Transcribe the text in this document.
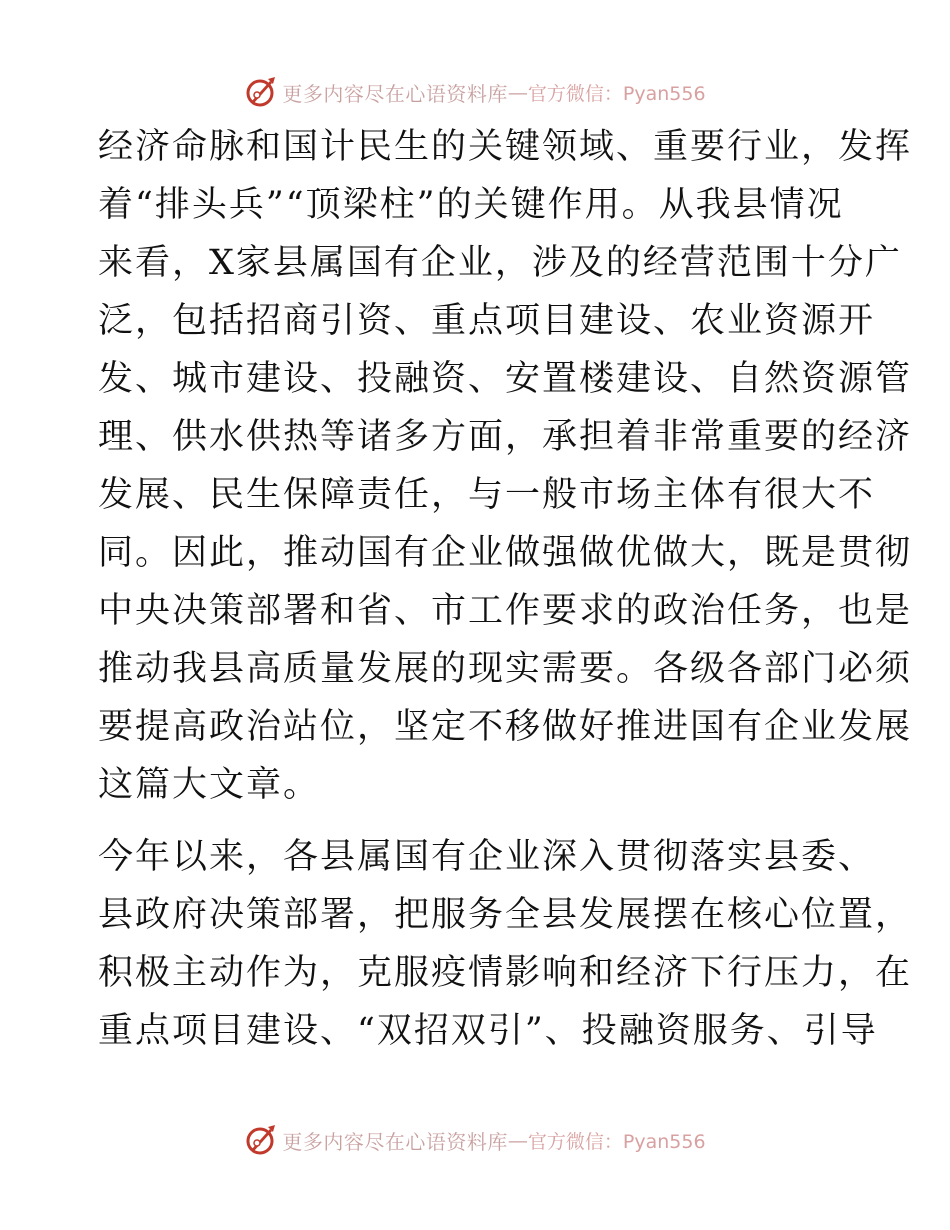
更多内容尽在心语资料库 — 官方微信：Pyan556
经济命脉和国计民生的关键领域、重要行业，发挥
着“排头兵”“顶梁柱”的关键作用。从我县情况
来看，X家县属国有企业，涉及的经营范围十分广
泛，包括招商引资、重点项目建设、农业资源开
发、城市建设、投融资、安置楼建设、自然资源管
理、供水供热等诸多方面，承担着非常重要的经济
发展、民生保障责任，与一般市场主体有很大不
同。因此，推动国有企业做强做优做大，既是贯彻
中央决策部署和省、市工作要求的政治任务，也是
推动我县高质量发展的现实需要。各级各部门必须
要提高政治站位，坚定不移做好推进国有企业发展
这篇大文章。
今年以来，各县属国有企业深入贯彻落实县委、
县政府决策部署，把服务全县发展摆在核心位置，
积极主动作为，克服疫情影响和经济下行压力，在
重点项目建设、“双招双引”、投融资服务、引导
更多内容尽在心语资料库 — 官方微信：Pyan556
